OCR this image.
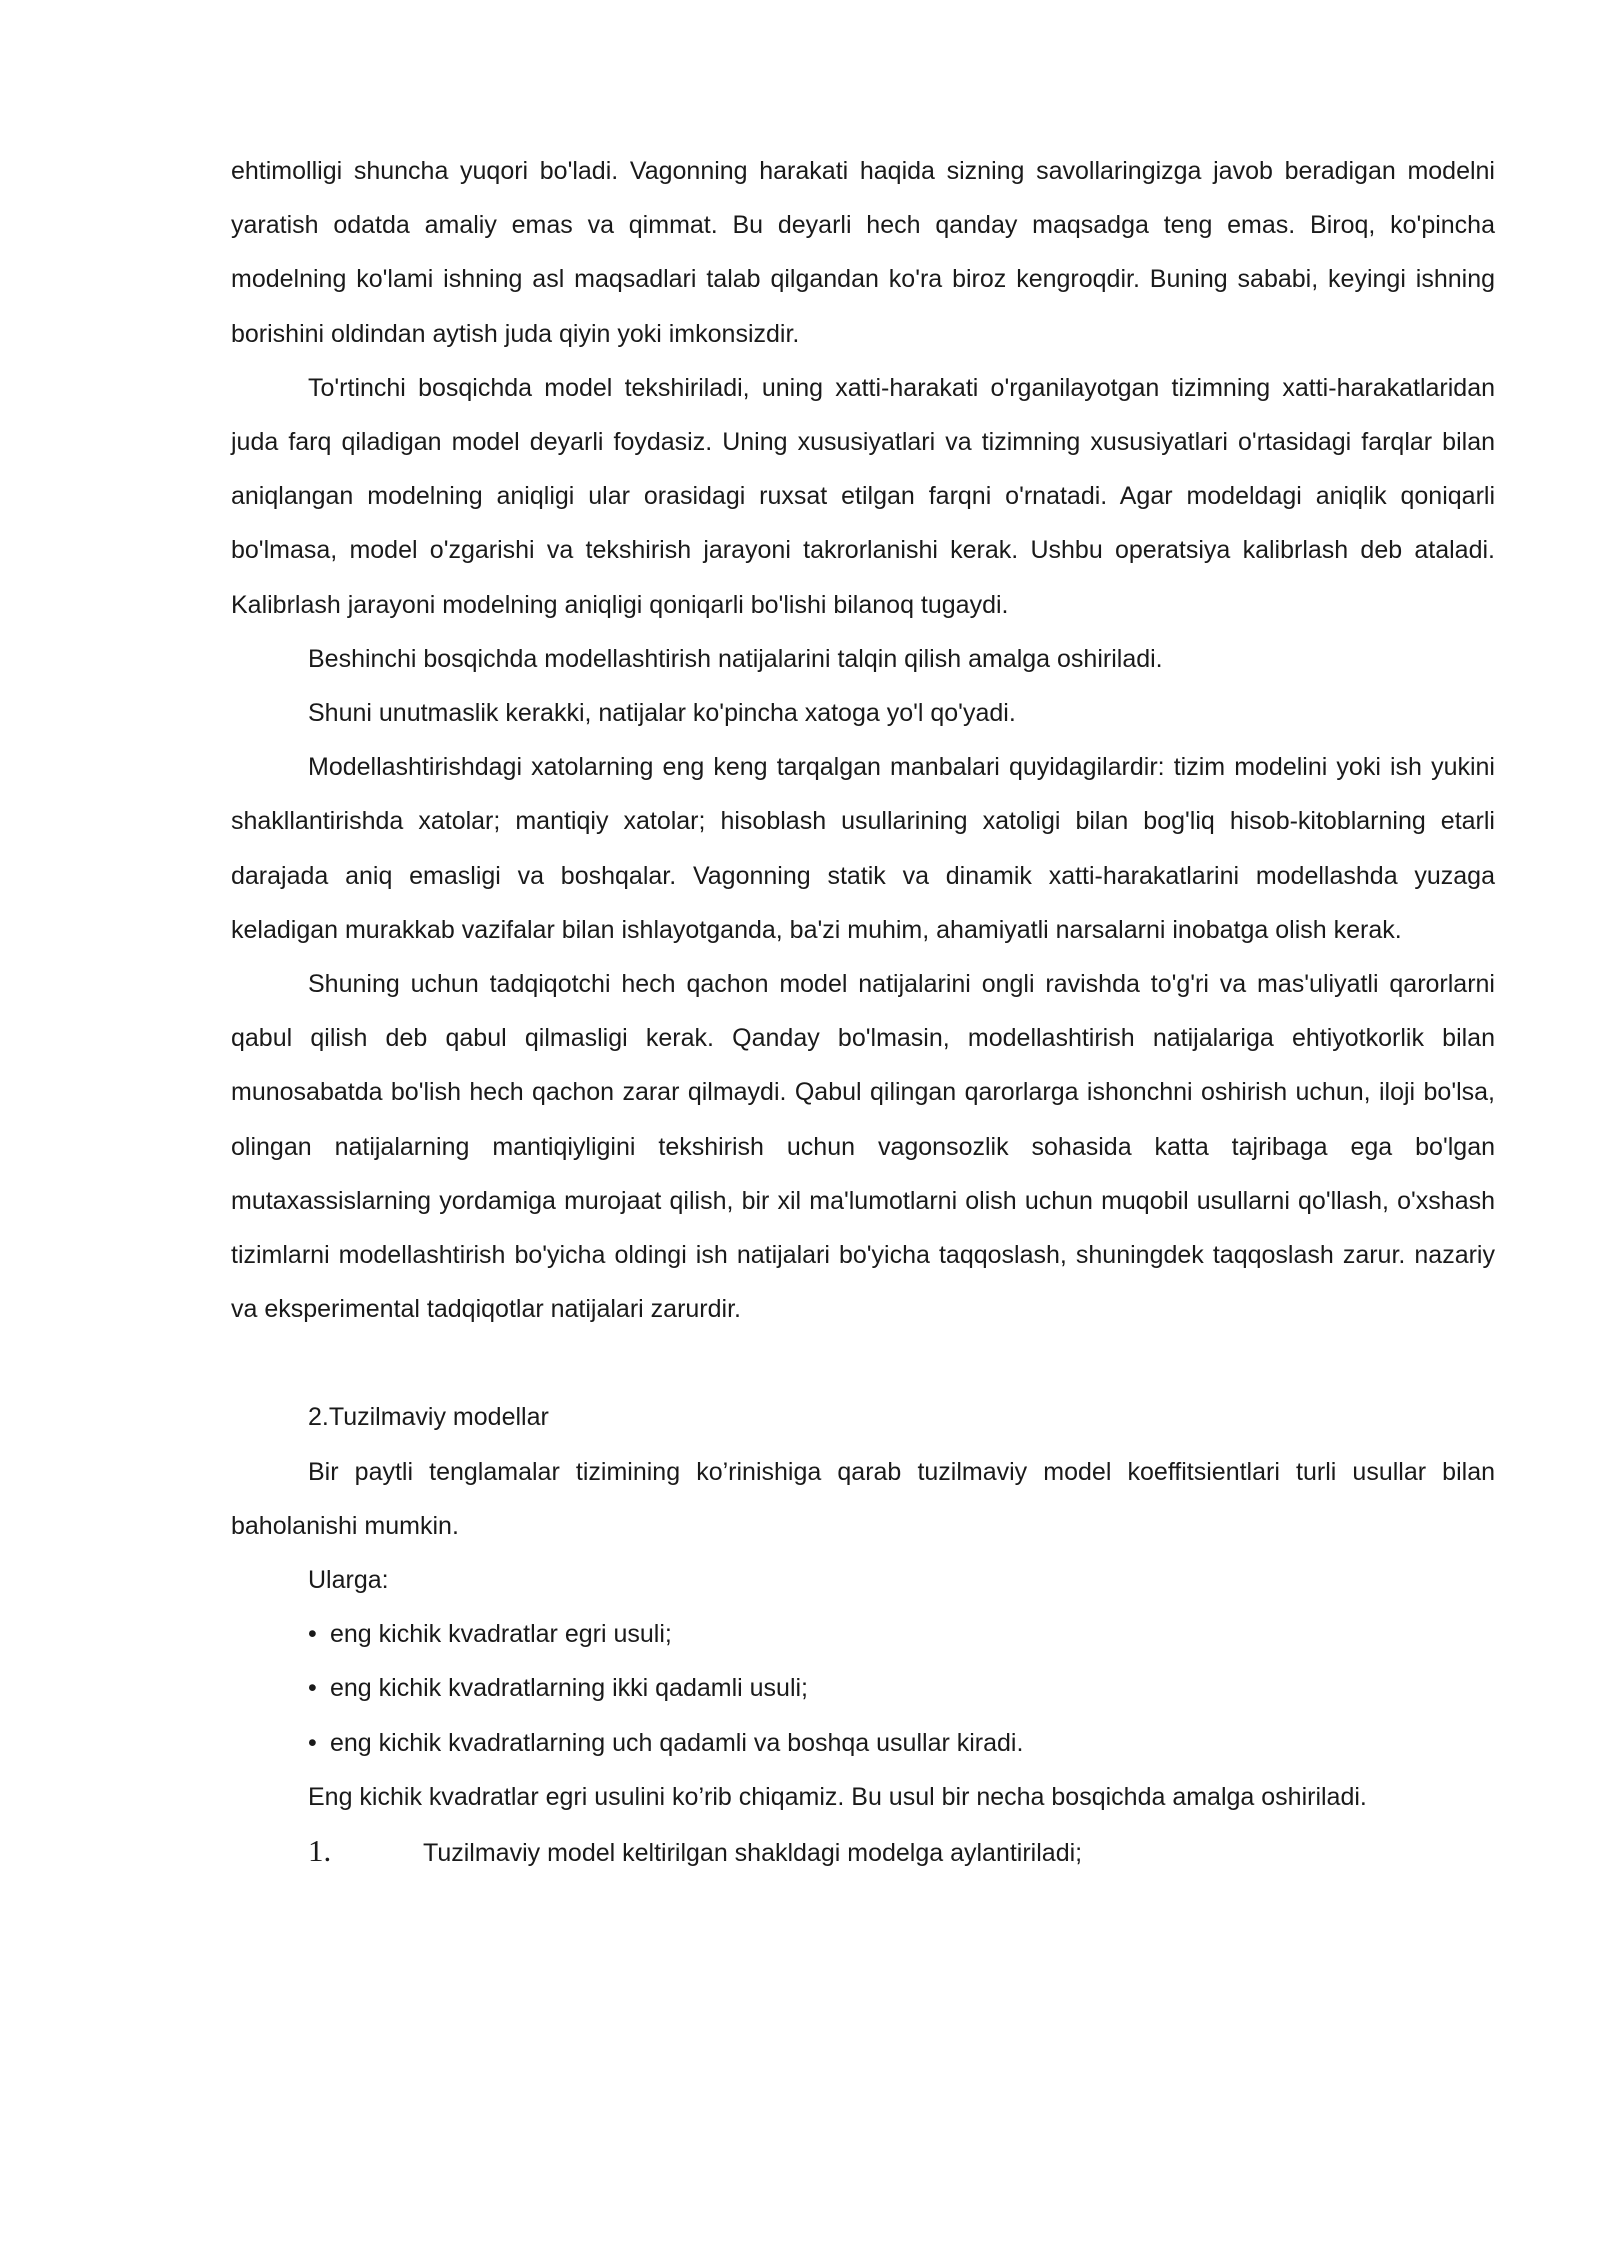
ehtimolligi shuncha yuqori bo'ladi. Vagonning harakati haqida sizning savollaringizga javob beradigan modelni yaratish odatda amaliy emas va qimmat. Bu deyarli hech qanday maqsadga teng emas. Biroq, ko'pincha modelning ko'lami ishning asl maqsadlari talab qilgandan ko'ra biroz kengroqdir. Buning sababi, keyingi ishning borishini oldindan aytish juda qiyin yoki imkonsizdir.

To'rtinchi bosqichda model tekshiriladi, uning xatti-harakati o'rganilayotgan tizimning xatti-harakatlaridan juda farq qiladigan model deyarli foydasiz. Uning xususiyatlari va tizimning xususiyatlari o'rtasidagi farqlar bilan aniqlangan modelning aniqligi ular orasidagi ruxsat etilgan farqni o'rnatadi. Agar modeldagi aniqlik qoniqarli bo'lmasa, model o'zgarishi va tekshirish jarayoni takrorlanishi kerak. Ushbu operatsiya kalibrlash deb ataladi. Kalibrlash jarayoni modelning aniqligi qoniqarli bo'lishi bilanoq tugaydi.

Beshinchi bosqichda modellashtirish natijalarini talqin qilish amalga oshiriladi.

Shuni unutmaslik kerakki, natijalar ko'pincha xatoga yo'l qo'yadi.

Modellashtirishdagi xatolarning eng keng tarqalgan manbalari quyidagilardir: tizim modelini yoki ish yukini shakllantirishda xatolar; mantiqiy xatolar; hisoblash usullarining xatoligi bilan bog'liq hisob-kitoblarning etarli darajada aniq emasligi va boshqalar. Vagonning statik va dinamik xatti-harakatlarini modellashda yuzaga keladigan murakkab vazifalar bilan ishlayotganda, ba'zi muhim, ahamiyatli narsalarni inobatga olish kerak.

Shuning uchun tadqiqotchi hech qachon model natijalarini ongli ravishda to'g'ri va mas'uliyatli qarorlarni qabul qilish deb qabul qilmasligi kerak. Qanday bo'lmasin, modellashtirish natijalariga ehtiyotkorlik bilan munosabatda bo'lish hech qachon zarar qilmaydi. Qabul qilingan qarorlarga ishonchni oshirish uchun, iloji bo'lsa, olingan natijalarning mantiqiyligini tekshirish uchun vagonsozlik sohasida katta tajribaga ega bo'lgan mutaxassislarning yordamiga murojaat qilish, bir xil ma'lumotlarni olish uchun muqobil usullarni qo'llash, o'xshash tizimlarni modellashtirish bo'yicha oldingi ish natijalari bo'yicha taqqoslash, shuningdek taqqoslash zarur. nazariy va eksperimental tadqiqotlar natijalari zarurdir.

2.Tuzilmaviy modellar

Bir paytli tenglamalar tizimining ko’rinishiga qarab tuzilmaviy model koeffitsientlari turli usullar bilan baholanishi mumkin.

Ularga:

• eng kichik kvadratlar egri usuli;
• eng kichik kvadratlarning ikki qadamli usuli;
• eng kichik kvadratlarning uch qadamli va boshqa usullar kiradi.

Eng kichik kvadratlar egri usulini ko’rib chiqamiz. Bu usul bir necha bosqichda amalga oshiriladi.

1.	Tuzilmaviy model keltirilgan shakldagi modelga aylantiriladi;
